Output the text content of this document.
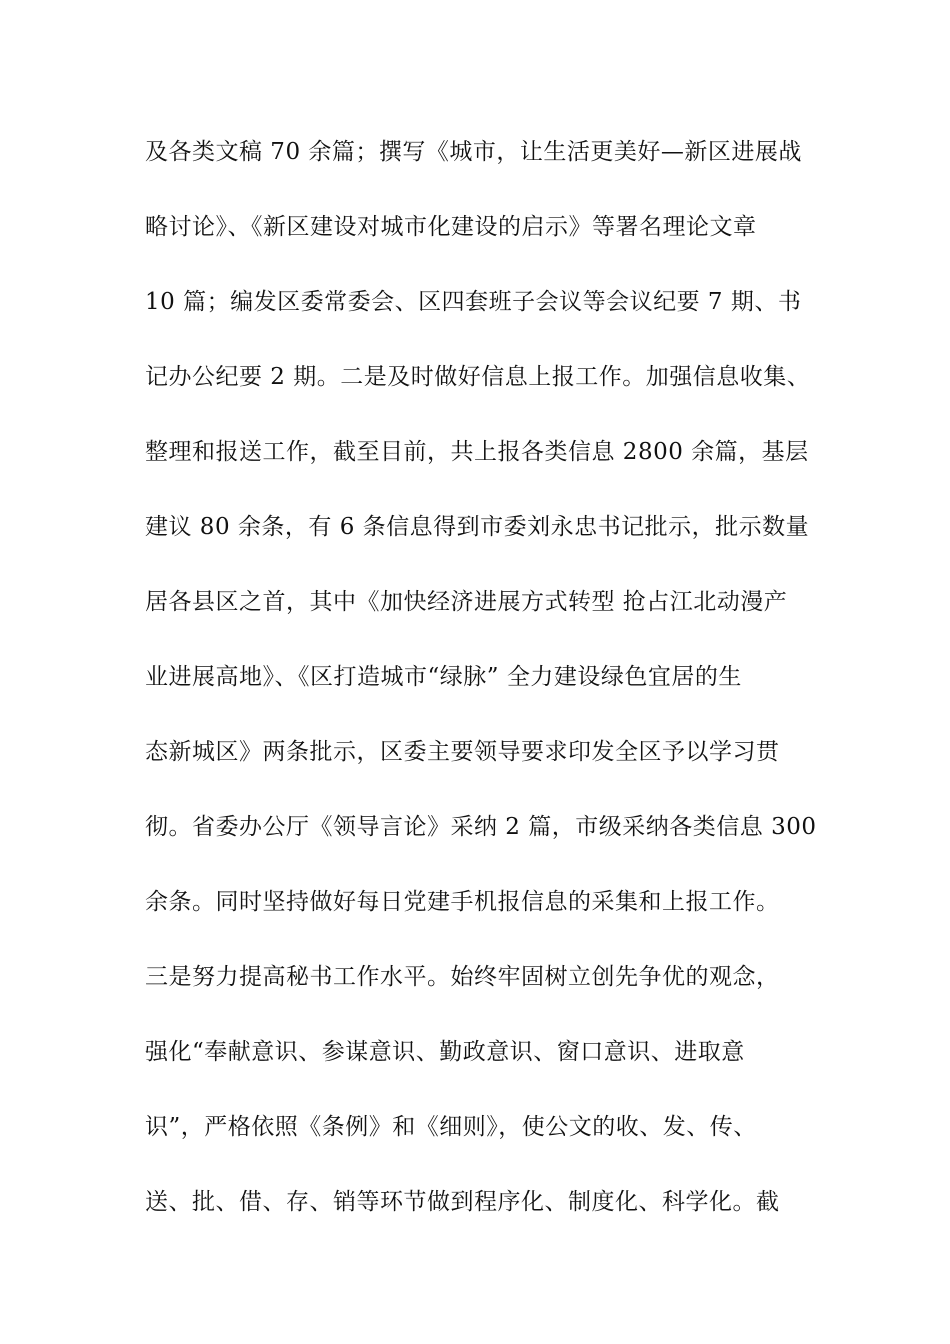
及各类文稿 70 余篇；撰写《城市，让生活更美好—新区进展战
略讨论》、《新区建设对城市化建设的启示》等署名理论文章
10 篇；编发区委常委会、区四套班子会议等会议纪要 7 期、书
记办公纪要 2 期。二是及时做好信息上报工作。加强信息收集、
整理和报送工作，截至目前，共上报各类信息 2800 余篇，基层
建议 80 余条，有 6 条信息得到市委刘永忠书记批示，批示数量
居各县区之首，其中《加快经济进展方式转型 抢占江北动漫产
业进展高地》、《区打造城市“绿脉” 全力建设绿色宜居的生
态新城区》两条批示，区委主要领导要求印发全区予以学习贯
彻。省委办公厅《领导言论》采纳 2 篇，市级采纳各类信息 300
余条。同时坚持做好每日党建手机报信息的采集和上报工作。
三是努力提高秘书工作水平。始终牢固树立创先争优的观念，
强化“奉献意识、参谋意识、勤政意识、窗口意识、进取意
识”，严格依照《条例》和《细则》，使公文的收、发、传、
送、批、借、存、销等环节做到程序化、制度化、科学化。截
